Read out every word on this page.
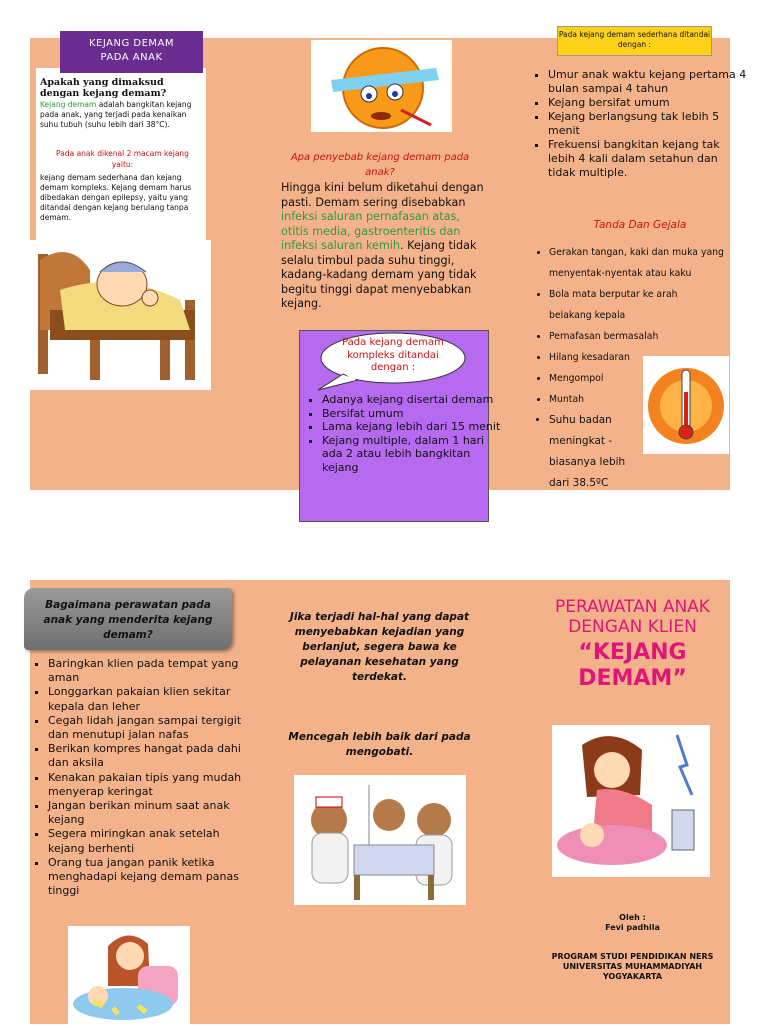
KEJANG DEMAM
PADA ANAK
Apakah yang dimaksud dengan kejang demam?
Kejang demam adalah bangkitan kejang pada anak, yang terjadi pada kenaikan suhu tubuh (suhu lebih dari 38°C).
Pada anak dikenal 2 macam kejang yaitu:
kejang demam sederhana dan kejang demam kompleks. Kejang demam harus dibedakan dengan epilepsy, yaitu yang ditandai dengan kejang berulang tanpa demam.
Apa penyebab kejang demam pada anak?
Hingga kini belum diketahui dengan pasti. Demam sering disebabkan infeksi saluran pernafasan atas, otitis media, gastroenteritis dan infeksi saluran kemih. Kejang tidak selalu timbul pada suhu tinggi, kadang-kadang demam yang tidak begitu tinggi dapat menyebabkan kejang.
Pada kejang demam kompleks ditandai dengan :
▪ Adanya kejang disertai demam
▪ Bersifat umum
▪ Lama kejang lebih dari 15 menit
▪ Kejang multiple, dalam 1 hari ada 2 atau lebih bangkitan kejang
Pada kejang demam sederhana ditandai dengan :
▪ Umur anak waktu kejang pertama 4 bulan sampai 4 tahun
▪ Kejang bersifat umum
▪ Kejang berlangsung tak lebih 5 menit
▪ Frekuensi bangkitan kejang tak lebih 4 kali dalam setahun dan tidak multiple.
Tanda Dan Gejala
• Gerakan tangan, kaki dan muka yang menyentak-nyentak atau kaku
• Bola mata berputar ke arah belakang kepala
• Pernafasan bermasalah
• Hilang kesadaran
• Mengompol
• Muntah
• Suhu badan meningkat - biasanya lebih dari 38.5ºC
Bagaimana perawatan pada anak yang menderita kejang demam?
▪ Baringkan klien pada tempat yang aman
▪ Longgarkan pakaian klien sekitar kepala dan leher
▪ Cegah lidah jangan sampai tergigit dan menutupi jalan nafas
▪ Berikan kompres hangat pada dahi dan aksila
▪ Kenakan pakaian tipis yang mudah menyerap keringat
▪ Jangan berikan minum saat anak kejang
▪ Segera miringkan anak setelah kejang berhenti
▪ Orang tua jangan panik ketika menghadapi kejang demam panas tinggi
Jika terjadi hal-hal yang dapat menyebabkan kejadian yang berlanjut, segera bawa ke pelayanan kesehatan yang terdekat.
Mencegah lebih baik dari pada mengobati.
PERAWATAN ANAK
DENGAN KLIEN
“KEJANG DEMAM”
Oleh :
Fevi padhila
PROGRAM STUDI PENDIDIKAN NERS
UNIVERSITAS MUHAMMADIYAH
YOGYAKARTA
